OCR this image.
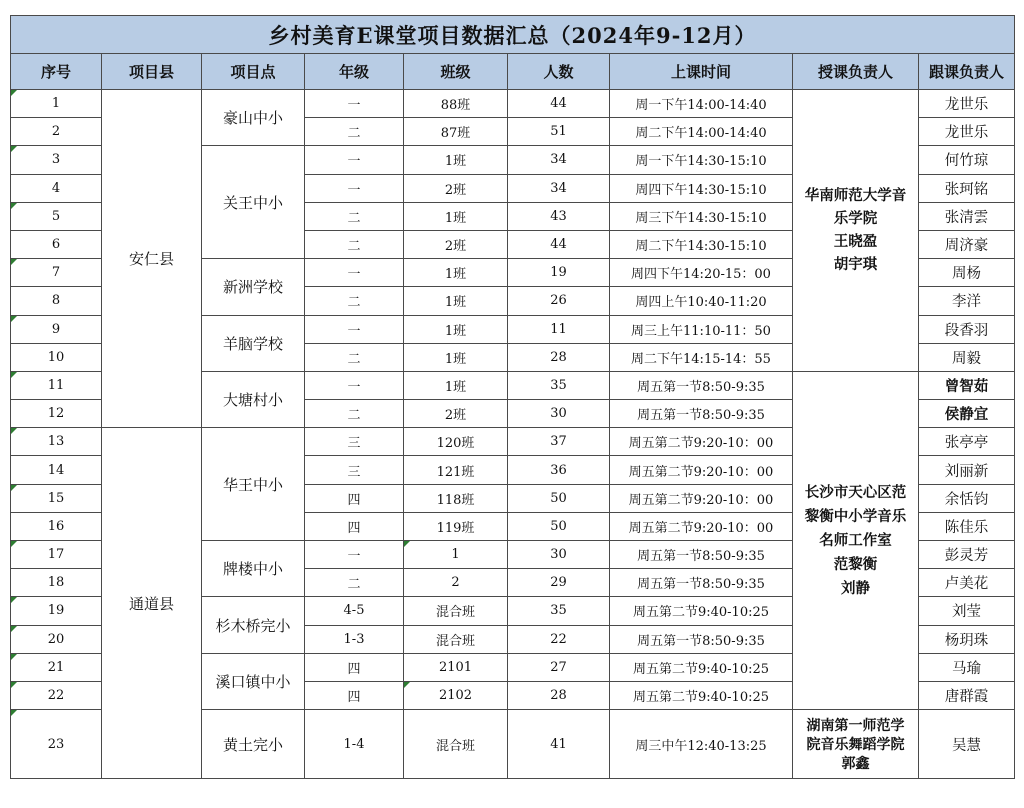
乡村美育E课堂项目数据汇总（2024年9-12月）								
序号	项目县	项目点	年级	班级	人数	上课时间	授课负责人	跟课负责人
1	安仁县	豪山中小	一	88班	44	周一下午14:00-14:40	华南师范大学音
乐学院
王晓盈
胡宇琪	龙世乐
2			二	87班	51	周二下午14:00-14:40		龙世乐
3		关王中小	一	1班	34	周一下午14:30-15:10		何竹琼
4			一	2班	34	周四下午14:30-15:10		张珂铭
5			二	1班	43	周三下午14:30-15:10		张清雲
6			二	2班	44	周二下午14:30-15:10		周济豪
7		新洲学校	一	1班	19	周四下午14:20-15：00		周杨
8			二	1班	26	周四上午10:40-11:20		李洋
9		羊脑学校	一	1班	11	周三上午11:10-11：50		段香羽
10			二	1班	28	周二下午14:15-14：55		周毅
11		大塘村小	一	1班	35	周五第一节8:50-9:35	长沙市天心区范
黎衡中小学音乐
名师工作室
范黎衡
刘静	曾智茹
12			二	2班	30	周五第一节8:50-9:35		侯静宜
13	通道县	华王中小	三	120班	37	周五第二节9:20-10：00		张亭亭
14			三	121班	36	周五第二节9:20-10：00		刘丽新
15			四	118班	50	周五第二节9:20-10：00		余恬钧
16			四	119班	50	周五第二节9:20-10：00		陈佳乐
17		牌楼中小	一	1	30	周五第一节8:50-9:35		彭灵芳
18			二	2	29	周五第一节8:50-9:35		卢美花
19		杉木桥完小	4-5	混合班	35	周五第二节9:40-10:25		刘莹
20			1-3	混合班	22	周五第一节8:50-9:35		杨玥珠
21		溪口镇中小	四	2101	27	周五第二节9:40-10:25		马瑜
22			四	2102	28	周五第二节9:40-10:25		唐群霞
23		黄土完小	1-4	混合班	41	周三中午12:40-13:25	湖南第一师范学
院音乐舞蹈学院
郭鑫	吴慧
